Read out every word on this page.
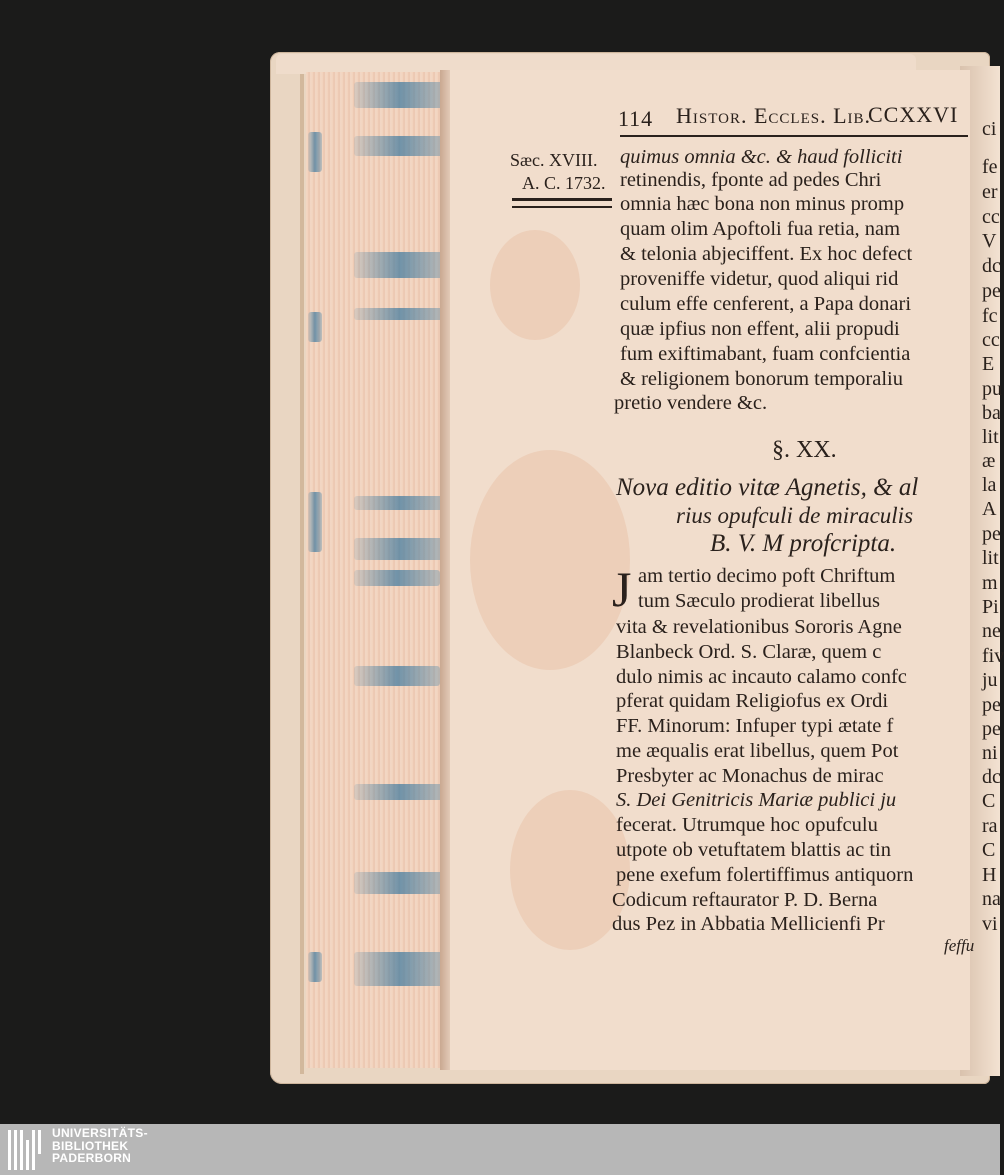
114 Histor. Eccles. Lib.
CCXXVI
Sæc. XVIII.
A. C. 1732.
quimus omnia &c. & haud folliciti
retinendis, fponte ad pedes Chri
omnia hæc bona non minus promp
quam olim Apoftoli fua retia, nam
& telonia abjeciffent. Ex hoc defect
proveniffe videtur, quod aliqui rid
culum effe cenferent, a Papa donari
quæ ipfius non effent, alii propudi
fum exiftimabant, fuam confcientia
& religionem bonorum temporaliu
pretio vendere &c.
§. XX.
Nova editio vitæ Agnetis, & al
rius opufculi de miraculis
B. V. M profcripta.
J am tertio decimo poft Chriftum
tum Sæculo prodierat libellus
vita & revelationibus Sororis Agne
Blanbeck Ord. S. Claræ, quem c
dulo nimis ac incauto calamo confc
pferat quidam Religiofus ex Ordi
FF. Minorum: Infuper typi ætate f
me æqualis erat libellus, quem Pot
Presbyter ac Monachus de mirac
S. Dei Genitricis Mariæ publici ju
fecerat. Utrumque hoc opufculu
utpote ob vetuftatem blattis ac tin
pene exefum folertiffimus antiquorn
Codicum reftaurator P. D. Berna
dus Pez in Abbatia Mellicienfi Pr
feffu
ci
fe
er
cc
V
dc
pe
fc
cc
E
pu
ba
lit
æ
la
A
pe
lit
m
Pi
ne
fiv
ju
pe
pe
ni
dc
C
ra
C
H
na
vi
UNIVERSITÄTS-
BIBLIOTHEK
PADERBORN
